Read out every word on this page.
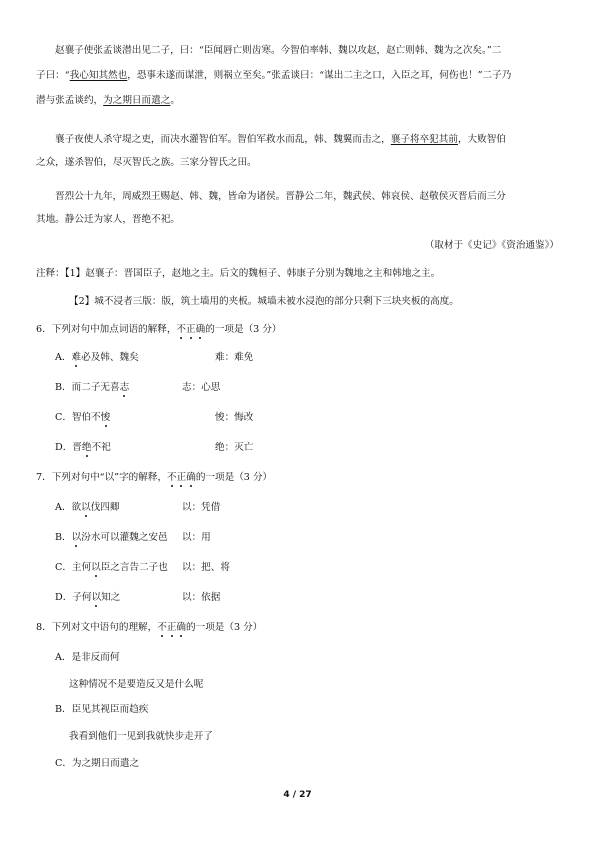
赵襄子使张孟谈潜出见二子，曰：“臣闻唇亡则齿寒。今智伯率韩、魏以攻赵，赵亡则韩、魏为之次矣。”二
子曰：“我心知其然也，恐事未遂而谋泄，则祸立至矣。”张孟谈曰：“谋出二主之口，入臣之耳，何伤也！”二子乃
潜与张孟谈约，为之期日而遣之。
襄子夜使人杀守堤之吏，而决水灌智伯军。智伯军救水而乱，韩、魏翼而击之，襄子将卒犯其前，大败智伯
之众，遂杀智伯，尽灭智氏之族。三家分智氏之田。
晋烈公十九年，周威烈王赐赵、韩、魏，皆命为诸侯。晋静公二年，魏武侯、韩哀侯、赵敬侯灭晋后而三分
其地。静公迁为家人，晋绝不祀。
（取材于《史记》《资治通鉴》）
注释：【1】赵襄子：晋国臣子，赵地之主。后文的魏桓子、韩康子分别为魏地之主和韩地之主。
【2】城不浸者三版：版，筑土墙用的夹板。城墙未被水浸泡的部分只剩下三块夹板的高度。
6．下列对句中加点词语的解释，不正确的一项是（3 分）
A．难必及韩、魏矣	难：难免
B．而二子无喜志	志：心思
C．智伯不悛	悛：悔改
D．晋绝不祀	绝：灭亡
7．下列对句中“以”字的解释，不正确的一项是（3 分）
A．欲以伐四卿	以：凭借
B．以汾水可以灌魏之安邑 以：用
C．主何以臣之言告二子也 以：把、将
D．子何以知之	以：依据
8．下列对文中语句的理解，不正确的一项是（3 分）
A．是非反而何
这种情况不是要造反又是什么呢
B．臣见其视臣而趋疾
我看到他们一见到我就快步走开了
C．为之期日而遣之
4 / 27
